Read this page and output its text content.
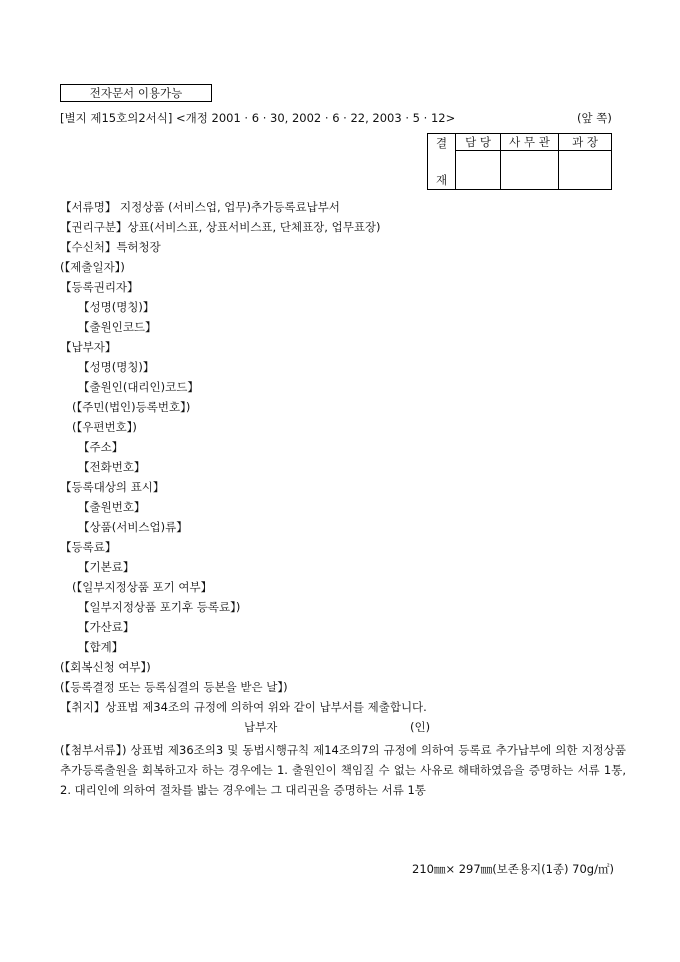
전자문서 이용가능
[별지 제15호의2서식] <개정 2001 · 6 · 30, 2002 · 6 · 22, 2003 · 5 · 12>	(앞 쪽)
결
재	담 당	사 무 관	과 장

【서류명】 지정상품 (서비스업, 업무)추가등록료납부서
【권리구분】상표(서비스표, 상표서비스표, 단체표장, 업무표장)
【수신처】특허청장
(【제출일자】)
【등록권리자】
【성명(명칭)】
【출원인코드】
【납부자】
【성명(명칭)】
【출원인(대리인)코드】
(【주민(법인)등록번호】)
(【우편번호】)
【주소】
【전화번호】
【등록대상의 표시】
【출원번호】
【상품(서비스업)류】
【등록료】
【기본료】
(【일부지정상품 포기 여부】
【일부지정상품 포기후 등록료】)
【가산료】
【합계】
(【회복신청 여부】)
(【등록결정 또는 등록심결의 등본을 받은 날】)
【취지】상표법 제34조의 규정에 의하여 위와 같이 납부서를 제출합니다.
납부자	(인)
(【첨부서류】) 상표법 제36조의3 및 동법시행규칙 제14조의7의 규정에 의하여 등록료 추가납부에 의한 지정상품추가등록출원을 회복하고자 하는 경우에는 1. 출원인이 책임질 수 없는 사유로 해태하였음을 증명하는 서류 1통, 2. 대리인에 의하여 절차를 밟는 경우에는 그 대리권을 증명하는 서류 1통
210㎜× 297㎜(보존용지(1종) 70g/㎡)
